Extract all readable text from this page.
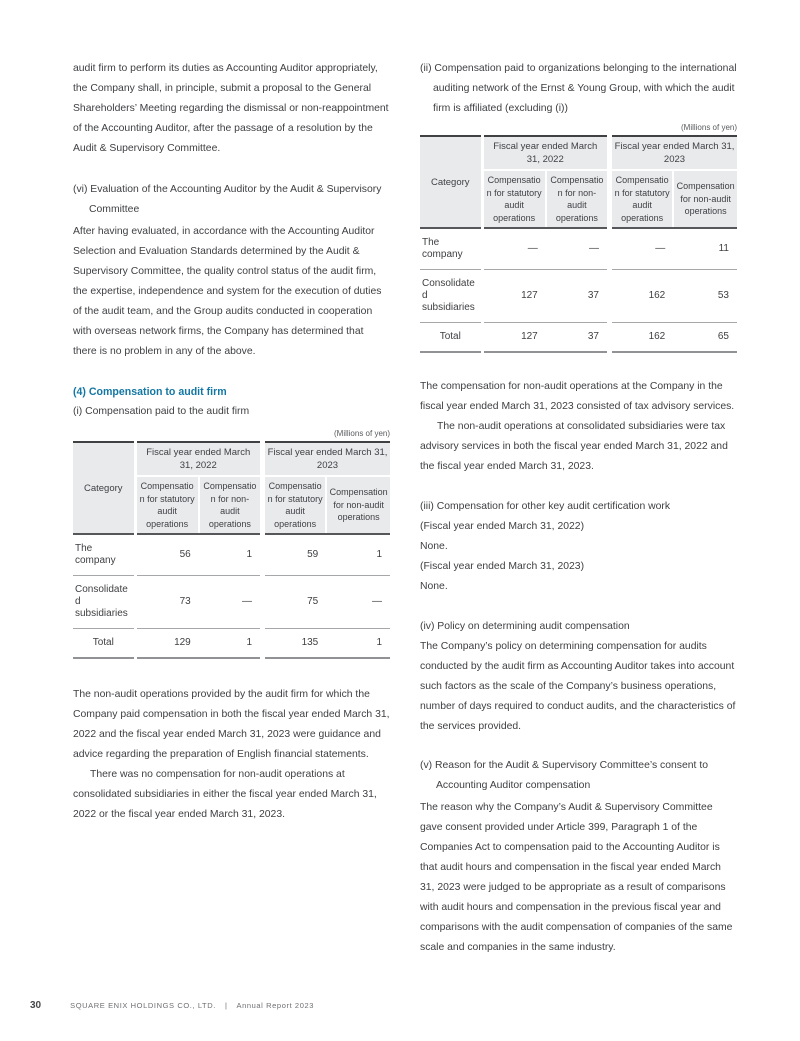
audit firm to perform its duties as Accounting Auditor appropriately, the Company shall, in principle, submit a proposal to the General Shareholders’ Meeting regarding the dismissal or non-reappointment of the Accounting Auditor, after the passage of a resolution by the Audit & Supervisory Committee.

(vi) Evaluation of the Accounting Auditor by the Audit & Supervisory
Committee

After having evaluated, in accordance with the Accounting Auditor Selection and Evaluation Standards determined by the Audit & Supervisory Committee, the quality control status of the audit firm, the expertise, independence and system for the execution of duties of the audit team, and the Group audits conducted in cooperation with overseas network firms, the Company has determined that there is no problem in any of the above.

(4) Compensation to audit firm
(i) Compensation paid to the audit firm
(Millions of yen)
Category	Fiscal year ended March 31, 2022		Fiscal year ended March 31, 2023	
	Compensation for statutory audit operations	Compensation for non-audit operations	Compensation for statutory audit operations	Compensation for non-audit operations
The company	56	1	59	1
Consolidated subsidiaries	73	—	75	—
Total	129	1	135	1

The non-audit operations provided by the audit firm for which the Company paid compensation in both the fiscal year ended March 31, 2022 and the fiscal year ended March 31, 2023 were guidance and advice regarding the preparation of English financial statements.

There was no compensation for non-audit operations at consolidated subsidiaries in either the fiscal year ended March 31, 2022 or the fiscal year ended March 31, 2023.

(ii) Compensation paid to organizations belonging to the international auditing network of the Ernst & Young Group, with which the audit firm is affiliated (excluding (i))
(Millions of yen)
Category	Fiscal year ended March 31, 2022		Fiscal year ended March 31, 2023	
	Compensation for statutory audit operations	Compensation for non-audit operations	Compensation for statutory audit operations	Compensation for non-audit operations
The company	—	—	—	11
Consolidated subsidiaries	127	37	162	53
Total	127	37	162	65

The compensation for non-audit operations at the Company in the fiscal year ended March 31, 2023 consisted of tax advisory services.

The non-audit operations at consolidated subsidiaries were tax advisory services in both the fiscal year ended March 31, 2022 and the fiscal year ended March 31, 2023.

(iii) Compensation for other key audit certification work
(Fiscal year ended March 31, 2022)
None.
(Fiscal year ended March 31, 2023)
None.
(iv) Policy on determining audit compensation

The Company’s policy on determining compensation for audits conducted by the audit firm as Accounting Auditor takes into account such factors as the scale of the Company’s business operations, number of days required to conduct audits, and the characteristics of the services provided.

(v) Reason for the Audit & Supervisory Committee’s consent to
Accounting Auditor compensation

The reason why the Company’s Audit & Supervisory Committee gave consent provided under Article 399, Paragraph 1 of the Companies Act to compensation paid to the Accounting Auditor is that audit hours and compensation in the fiscal year ended March 31, 2023 were judged to be appropriate as a result of comparisons with audit hours and compensation in the previous fiscal year and comparisons with the audit compensation of companies of the same scale and companies in the same industry.

30	SQUARE ENIX HOLDINGS CO., LTD. | Annual Report 2023
